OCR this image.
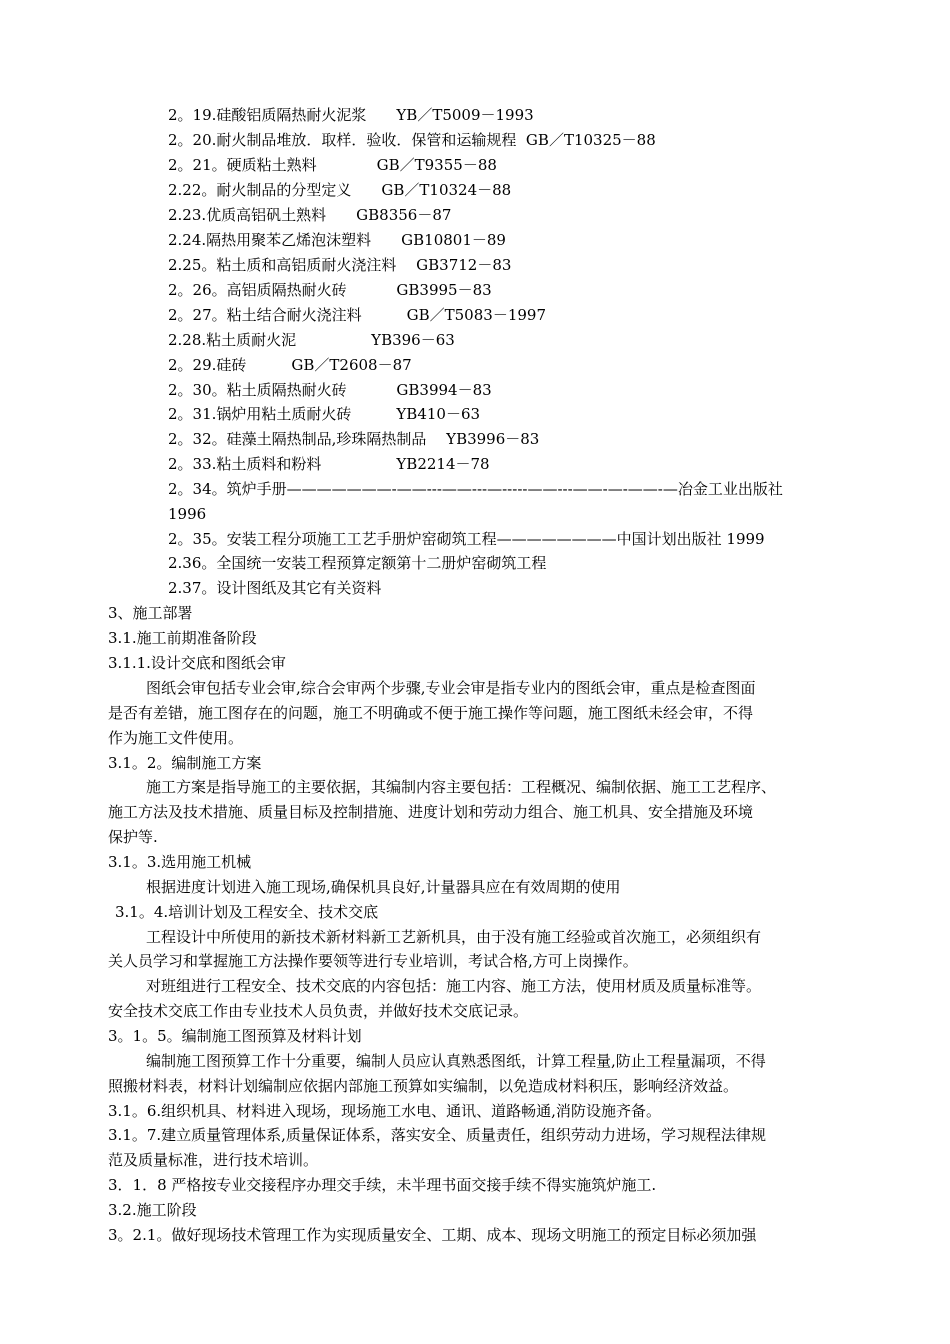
2。19.硅酸铝质隔热耐火泥浆　　YB／T5009－1993
2。20.耐火制品堆放．取样．验收．保管和运输规程  GB／T10325－88
2。21。硬质粘土熟料　　　　GB／T9355－88
2.22。耐火制品的分型定义　　GB／T10324－88
2.23.优质高铝矾土熟料　　GB8356－87
2.24.隔热用聚苯乙烯泡沫塑料　　GB10801－89
2.25。粘土质和高铝质耐火浇注料　 GB3712－83
2。26。高铝质隔热耐火砖　　　 GB3995－83
2。27。粘土结合耐火浇注料　　　GB／T5083－1997
2.28.粘土质耐火泥　　　　　YB396－63
2。29.硅砖　　　GB／T2608－87
2。30。粘土质隔热耐火砖　　　 GB3994－83
2。31.锅炉用粘土质耐火砖　　　YB410－63
2。32。硅藻土隔热制品,珍珠隔热制品　 YB3996－83
2。33.粘土质料和粉料　　　　　YB2214－78
2。34。筑炉手册———————-——---——---—-----——---——-—-——-—冶金工业出版社
1996
2。35。安装工程分项施工工艺手册炉窑砌筑工程————————中国计划出版社 1999
2.36。全国统一安装工程预算定额第十二册炉窑砌筑工程
2.37。设计图纸及其它有关资料
3、施工部署
3.1.施工前期准备阶段
3.1.1.设计交底和图纸会审
图纸会审包括专业会审,综合会审两个步骤,专业会审是指专业内的图纸会审，重点是检查图面
是否有差错，施工图存在的问题，施工不明确或不便于施工操作等问题，施工图纸未经会审，不得
作为施工文件使用。
3.1。2。编制施工方案
施工方案是指导施工的主要依据，其编制内容主要包括：工程概况、编制依据、施工工艺程序、
施工方法及技术措施、质量目标及控制措施、进度计划和劳动力组合、施工机具、安全措施及环境
保护等.
3.1。3.选用施工机械
根据进度计划进入施工现场,确保机具良好,计量器具应在有效周期的使用
3.1。4.培训计划及工程安全、技术交底
工程设计中所使用的新技术新材料新工艺新机具，由于没有施工经验或首次施工，必须组织有
关人员学习和掌握施工方法操作要领等进行专业培训，考试合格,方可上岗操作。
对班组进行工程安全、技术交底的内容包括：施工内容、施工方法，使用材质及质量标准等。
安全技术交底工作由专业技术人员负责，并做好技术交底记录。
3。1。5。编制施工图预算及材料计划
编制施工图预算工作十分重要，编制人员应认真熟悉图纸，计算工程量,防止工程量漏项，不得
照搬材料表，材料计划编制应依据内部施工预算如实编制，以免造成材料积压，影响经济效益。
3.1。6.组织机具、材料进入现场，现场施工水电、通讯、道路畅通,消防设施齐备。
3.1。7.建立质量管理体系,质量保证体系，落实安全、质量责任，组织劳动力进场，学习规程法律规
范及质量标准，进行技术培训。
3．1．8 严格按专业交接程序办理交手续，未半理书面交接手续不得实施筑炉施工.
3.2.施工阶段
3。2.1。做好现场技术管理工作为实现质量安全、工期、成本、现场文明施工的预定目标必须加强
